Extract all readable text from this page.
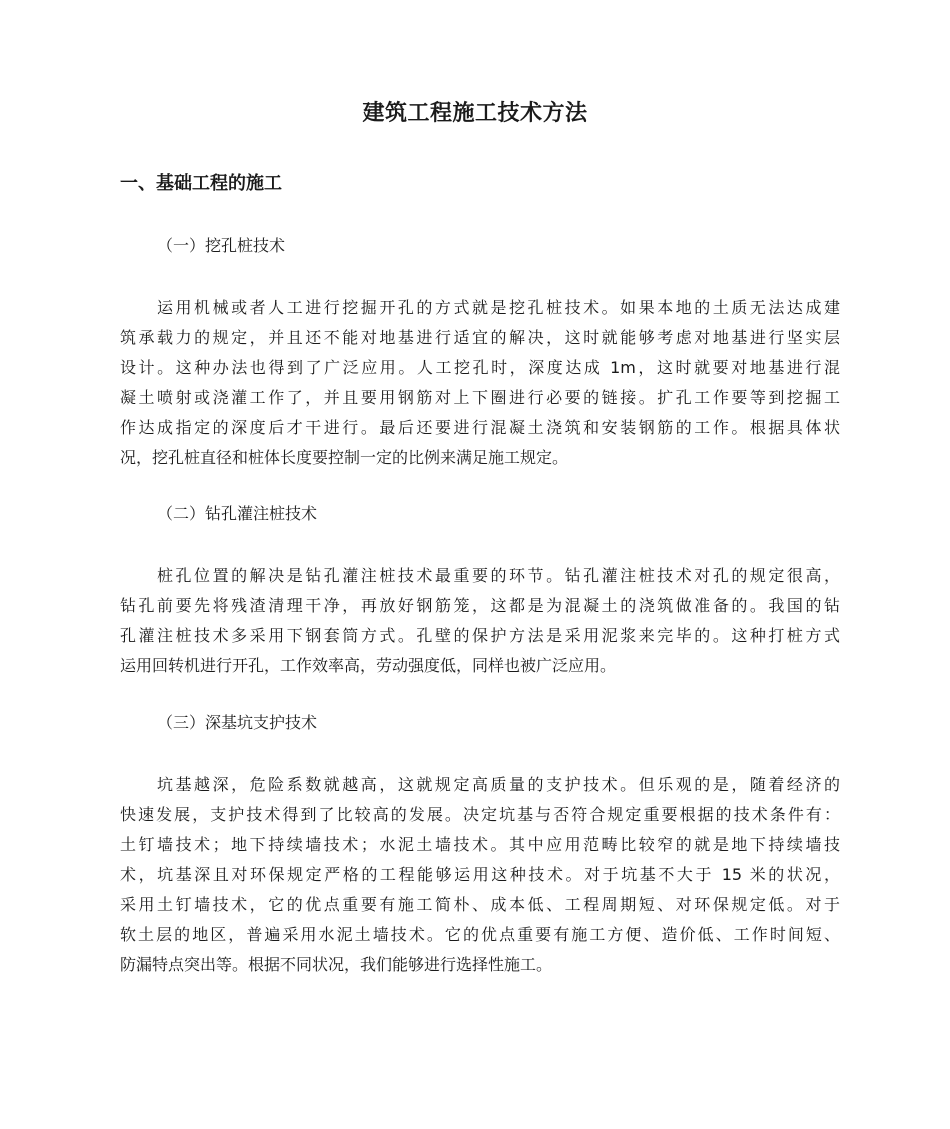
建筑工程施工技术方法
一、基础工程的施工
（一）挖孔桩技术
运用机械或者人工进行挖掘开孔的方式就是挖孔桩技术。如果本地的土质无法达成建
筑承载力的规定，并且还不能对地基进行适宜的解决，这时就能够考虑对地基进行坚实层
设计。这种办法也得到了广泛应用。人工挖孔时，深度达成 1m，这时就要对地基进行混
凝土喷射或浇灌工作了，并且要用钢筋对上下圈进行必要的链接。扩孔工作要等到挖掘工
作达成指定的深度后才干进行。最后还要进行混凝土浇筑和安装钢筋的工作。根据具体状
况，挖孔桩直径和桩体长度要控制一定的比例来满足施工规定。
（二）钻孔灌注桩技术
桩孔位置的解决是钻孔灌注桩技术最重要的环节。钻孔灌注桩技术对孔的规定很高，
钻孔前要先将残渣清理干净，再放好钢筋笼，这都是为混凝土的浇筑做准备的。我国的钻
孔灌注桩技术多采用下钢套筒方式。孔壁的保护方法是采用泥浆来完毕的。这种打桩方式
运用回转机进行开孔，工作效率高，劳动强度低，同样也被广泛应用。
（三）深基坑支护技术
坑基越深，危险系数就越高，这就规定高质量的支护技术。但乐观的是，随着经济的
快速发展，支护技术得到了比较高的发展。决定坑基与否符合规定重要根据的技术条件有：
土钉墙技术；地下持续墙技术；水泥土墙技术。其中应用范畴比较窄的就是地下持续墙技
术，坑基深且对环保规定严格的工程能够运用这种技术。对于坑基不大于 15 米的状况，
采用土钉墙技术，它的优点重要有施工简朴、成本低、工程周期短、对环保规定低。对于
软土层的地区，普遍采用水泥土墙技术。它的优点重要有施工方便、造价低、工作时间短、
防漏特点突出等。根据不同状况，我们能够进行选择性施工。
